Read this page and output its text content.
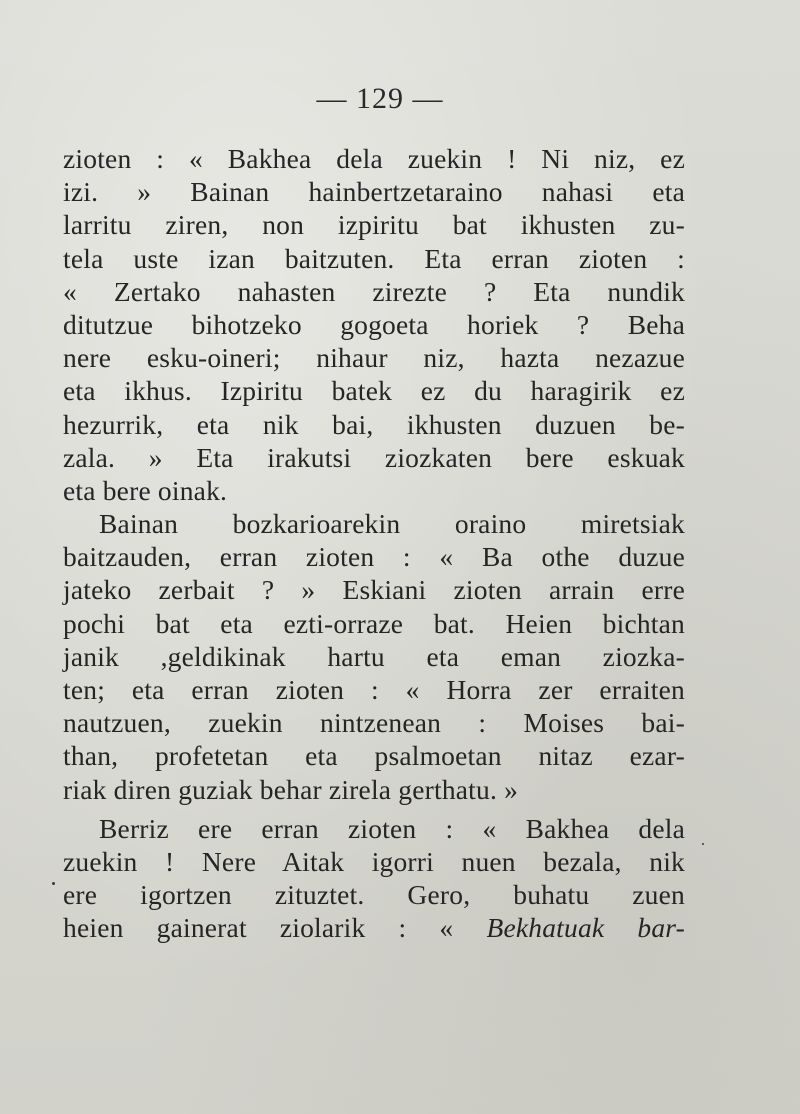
— 129 —
zioten : « Bakhea dela zuekin ! Ni niz, ez
izi. » Bainan hainbertzetaraino nahasi eta
larritu ziren, non izpiritu bat ikhusten zu-
tela uste izan baitzuten. Eta erran zioten :
« Zertako nahasten zirezte ? Eta nundik
ditutzue bihotzeko gogoeta horiek ? Beha
nere esku-oineri; nihaur niz, hazta nezazue
eta ikhus. Izpiritu batek ez du haragirik ez
hezurrik, eta nik bai, ikhusten duzuen be-
zala. » Eta irakutsi ziozkaten bere eskuak
eta bere oinak.
Bainan bozkarioarekin oraino miretsiak
baitzauden, erran zioten : « Ba othe duzue
jateko zerbait ? » Eskiani zioten arrain erre
pochi bat eta ezti-orraze bat. Heien bichtan
janik ,geldikinak hartu eta eman ziozka-
ten; eta erran zioten : « Horra zer erraiten
nautzuen, zuekin nintzenean : Moises bai-
than, profetetan eta psalmoetan nitaz ezar-
riak diren guziak behar zirela gerthatu. »
Berriz ere erran zioten : « Bakhea dela
zuekin ! Nere Aitak igorri nuen bezala, nik
ere igortzen zituztet. Gero, buhatu zuen
heien gainerat ziolarik : « Bekhatuak bar-
